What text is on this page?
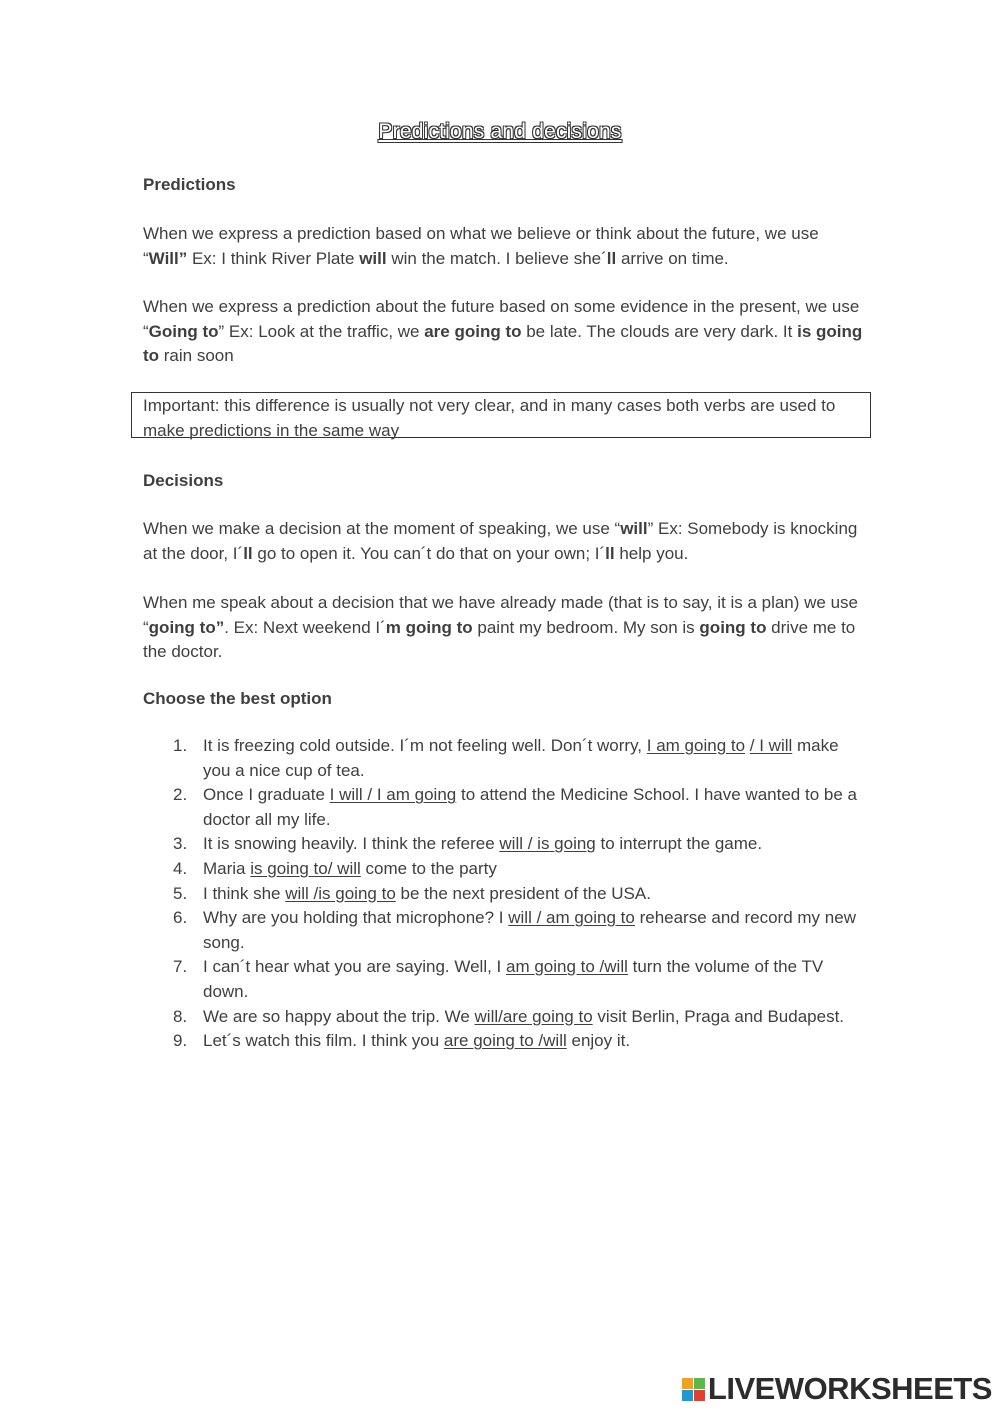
Predictions and decisions
Predictions
When we express a prediction based on what we believe or think about the future, we use “Will” Ex: I think River Plate will win the match. I believe she´ll arrive on time.
When we express a prediction about the future based on some evidence in the present, we use “Going to” Ex: Look at the traffic, we are going to be late. The clouds are very dark. It is going to rain soon
Important: this difference is usually not very clear, and in many cases both verbs are used to make predictions in the same way
Decisions
When we make a decision at the moment of speaking, we use “will” Ex: Somebody is knocking at the door, I´ll go to open it. You can´t do that on your own; I´ll help you.
When me speak about a decision that we have already made (that is to say, it is a plan) we use “going to”. Ex: Next weekend I´m going to paint my bedroom. My son is going to drive me to the doctor.
Choose the best option
1. It is freezing cold outside. I´m not feeling well. Don´t worry, I am going to / I will make you a nice cup of tea.
2. Once I graduate I will / I am going to attend the Medicine School. I have wanted to be a doctor all my life.
3. It is snowing heavily. I think the referee will / is going to interrupt the game.
4. Maria is going to/ will come to the party
5. I think she will /is going to be the next president of the USA.
6. Why are you holding that microphone? I will / am going to rehearse and record my new song.
7. I can´t hear what you are saying. Well, I am going to /will turn the volume of the TV down.
8. We are so happy about the trip. We will/are going to visit Berlin, Praga and Budapest.
9. Let´s watch this film. I think you are going to /will enjoy it.
LIVEWORKSHEETS
